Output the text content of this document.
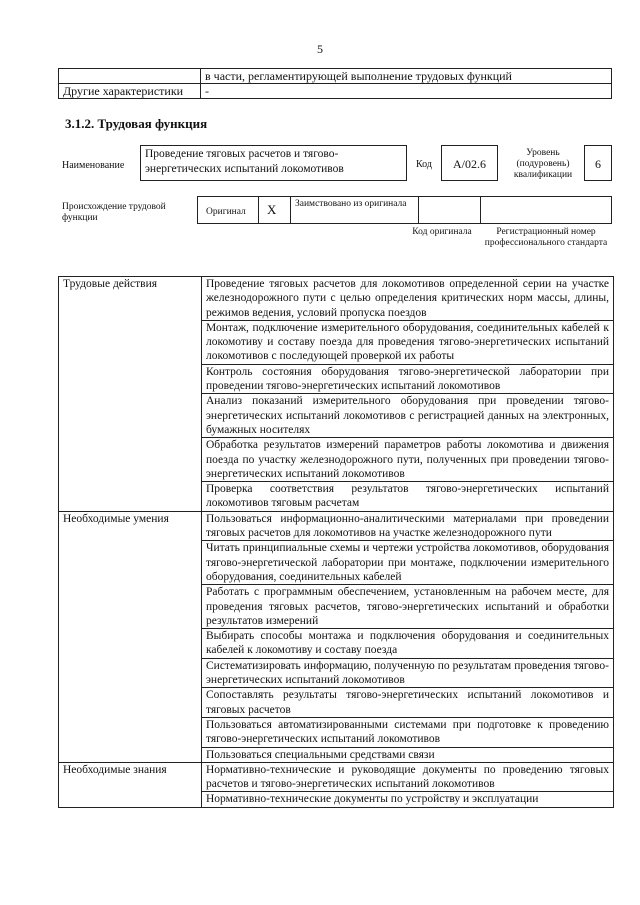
5
	в части, регламентирующей выполнение трудовых функций
Другие характеристики	-
3.1.2. Трудовая функция
Наименование
Проведение тяговых расчетов и тягово-энергетических испытаний локомотивов	Код	A/02.6
Уровень (подуровень) квалификации
6
Происхождение трудовой функции
Оригинал X Заимствовано из оригинала
Код оригинала	Регистрационный номер профессионального стандарта
Трудовые действия	Проведение тяговых расчетов для локомотивов определенной серии на участке железнодорожного пути с целью определения критических норм массы, длины, режимов ведения, условий пропуска поездов
	Монтаж, подключение измерительного оборудования, соединительных кабелей к локомотиву и составу поезда для проведения тягово-энергетических испытаний локомотивов с последующей проверкой их работы
	Контроль состояния оборудования тягово-энергетической лаборатории при проведении тягово-энергетических испытаний локомотивов
	Анализ показаний измерительного оборудования при проведении тягово-энергетических испытаний локомотивов с регистрацией данных на электронных, бумажных носителях
	Обработка результатов измерений параметров работы локомотива и движения поезда по участку железнодорожного пути, полученных при проведении тягово-энергетических испытаний локомотивов
	Проверка соответствия результатов тягово-энергетических испытаний локомотивов тяговым расчетам
Необходимые умения	Пользоваться информационно-аналитическими материалами при проведении тяговых расчетов для локомотивов на участке железнодорожного пути
	Читать принципиальные схемы и чертежи устройства локомотивов, оборудования тягово-энергетической лаборатории при монтаже, подключении измерительного оборудования, соединительных кабелей
	Работать с программным обеспечением, установленным на рабочем месте, для проведения тяговых расчетов, тягово-энергетических испытаний и обработки результатов измерений
	Выбирать способы монтажа и подключения оборудования и соединительных кабелей к локомотиву и составу поезда
	Систематизировать информацию, полученную по результатам проведения тягово-энергетических испытаний локомотивов
	Сопоставлять результаты тягово-энергетических испытаний локомотивов и тяговых расчетов
	Пользоваться автоматизированными системами при подготовке к проведению тягово-энергетических испытаний локомотивов
	Пользоваться специальными средствами связи
Необходимые знания	Нормативно-технические и руководящие документы по проведению тяговых расчетов и тягово-энергетических испытаний локомотивов
	Нормативно-технические документы по устройству и эксплуатации
